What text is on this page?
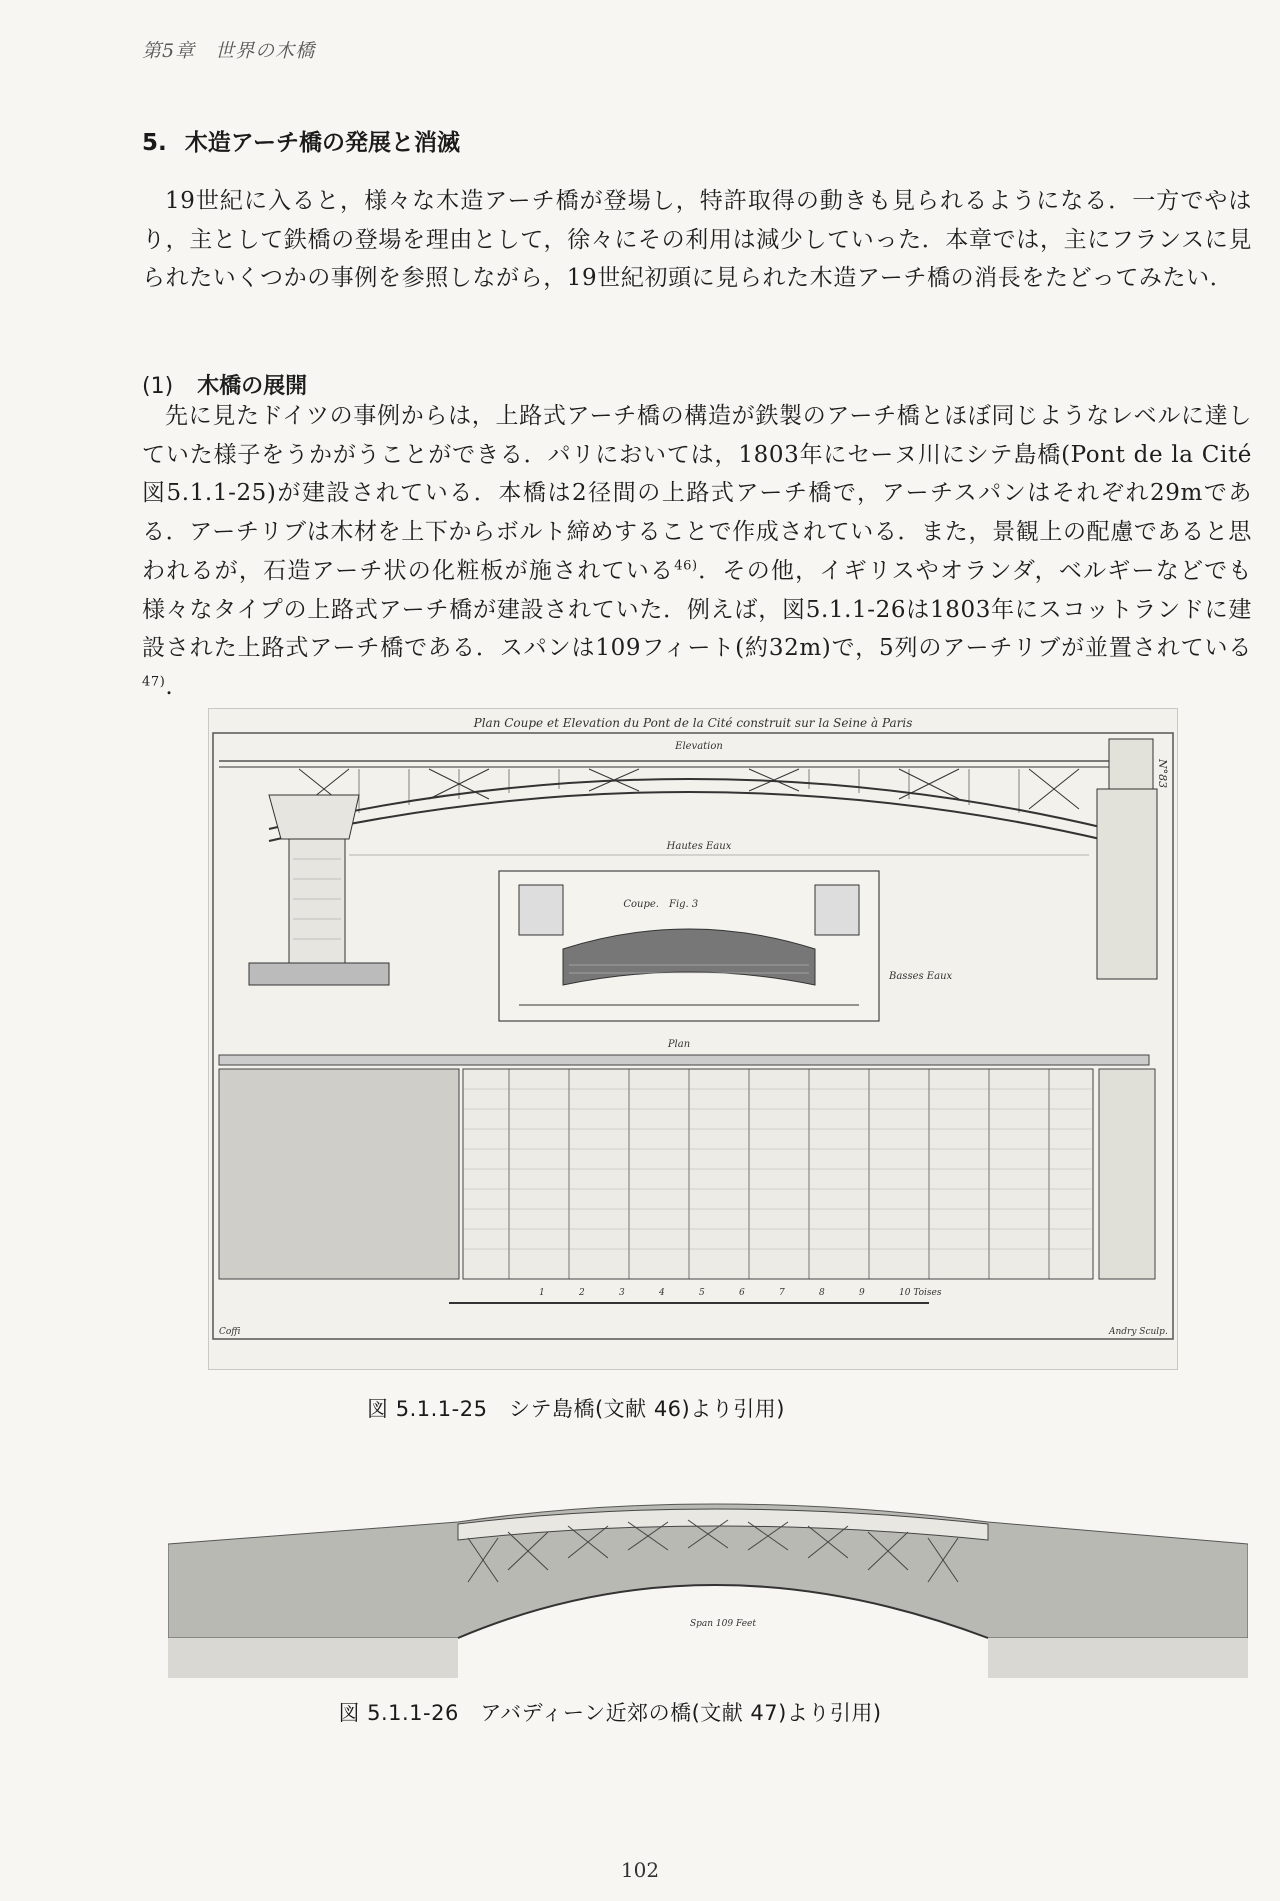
第5章　世界の木橋
5. 木造アーチ橋の発展と消滅

19世紀に入ると，様々な木造アーチ橋が登場し，特許取得の動きも見られるようになる．一方でやはり，主として鉄橋の登場を理由として，徐々にその利用は減少していった．本章では，主にフランスに見られたいくつかの事例を参照しながら，19世紀初頭に見られた木造アーチ橋の消長をたどってみたい．

(1) 木橋の展開

先に見たドイツの事例からは，上路式アーチ橋の構造が鉄製のアーチ橋とほぼ同じようなレベルに達していた様子をうかがうことができる．パリにおいては，1803年にセーヌ川にシテ島橋(Pont de la Cité　図5.1.1-25)が建設されている．本橋は2径間の上路式アーチ橋で，アーチスパンはそれぞれ29mである．アーチリブは木材を上下からボルト締めすることで作成されている．また，景観上の配慮であると思われるが，石造アーチ状の化粧板が施されている$^{46)}$．その他，イギリスやオランダ，ベルギーなどでも様々なタイプの上路式アーチ橋が建設されていた．例えば，図5.1.1-26は1803年にスコットランドに建設された上路式アーチ橋である．スパンは109フィート(約32m)で，5列のアーチリブが並置されている$^{47)}$.

Plan Coupe et Elevation du Pont de la Cité construit sur la Seine à Paris
N°83
Elevation
Hautes Eaux
Coupe. Fig. 3
Basses Eaux
Plan
1	2	3	4	5	6	7	8	9	10 Toises
Coffi	Andry Sculp.
図 5.1.1-25　シテ島橋(文献 46)より引用)
Span 109 Feet
図 5.1.1-26　アバディーン近郊の橋(文献 47)より引用)
102
